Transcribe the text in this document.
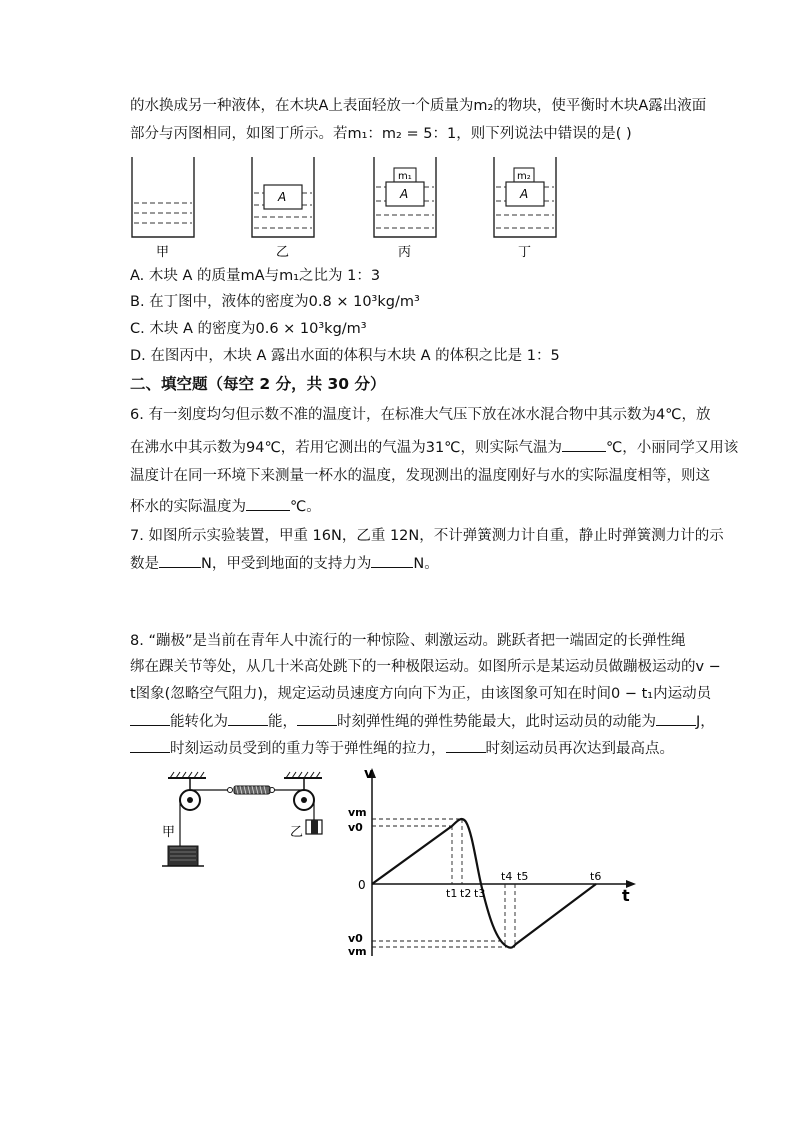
的水换成另一种液体，在木块A上表面轻放一个质量为m₂的物块，使平衡时木块A露出液面
部分与丙图相同，如图丁所示。若m₁：m₂ = 5：1，则下列说法中错误的是( )
甲
A
乙
m₁
A
丙
m₂
A
丁
A. 木块 A 的质量mA与m₁之比为 1：3
B. 在丁图中，液体的密度为0.8 × 10³kg/m³
C. 木块 A 的密度为0.6 × 10³kg/m³
D. 在图丙中，木块 A 露出水面的体积与木块 A 的体积之比是 1：5
二、填空题（每空 2 分，共 30 分）
6. 有一刻度均匀但示数不准的温度计，在标准大气压下放在冰水混合物中其示数为4℃，放
在沸水中其示数为94℃，若用它测出的气温为31℃，则实际气温为	℃，小丽同学又用该
温度计在同一环境下来测量一杯水的温度，发现测出的温度刚好与水的实际温度相等，则这
杯水的实际温度为	℃。
7. 如图所示实验装置，甲重 16N，乙重 12N，不计弹簧测力计自重，静止时弹簧测力计的示
数是	N，甲受到地面的支持力为	N。
8. “蹦极”是当前在青年人中流行的一种惊险、刺激运动。跳跃者把一端固定的长弹性绳
绑在踝关节等处，从几十米高处跳下的一种极限运动。如图所示是某运动员做蹦极运动的v −
t图象(忽略空气阻力)，规定运动员速度方向向下为正，由该图象可知在时间0 − t₁内运动员
能转化为	能，	时刻弹性绳的弹性势能最大，此时运动员的动能为	J，
时刻运动员受到的重力等于弹性绳的拉力，	时刻运动员再次达到最高点。
甲	乙
v
t
0
vm
v0
v0
vm
t1 t2 t3
t4 t5	t6
